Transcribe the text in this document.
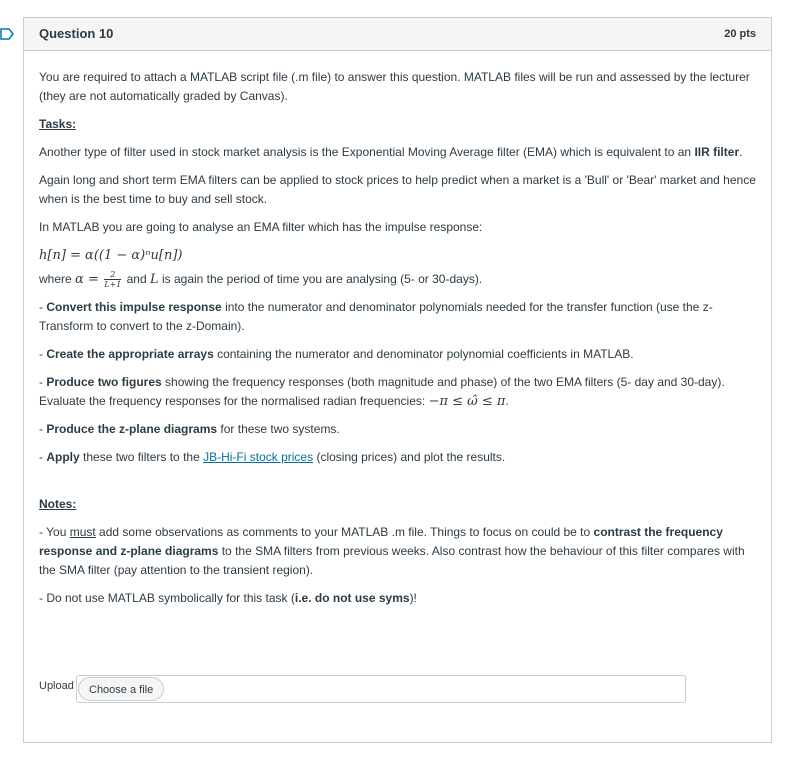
Question 10	20 pts

You are required to attach a MATLAB script file (.m file) to answer this question. MATLAB files will be run and assessed by the lecturer (they are not automatically graded by Canvas).

Tasks:

Another type of filter used in stock market analysis is the Exponential Moving Average filter (EMA) which is equivalent to an IIR filter.

Again long and short term EMA filters can be applied to stock prices to help predict when a market is a 'Bull' or 'Bear' market and hence when is the best time to buy and sell stock.

In MATLAB you are going to analyse an EMA filter which has the impulse response:

h[n] = α((1 − α)ⁿu[n])

where $\alpha = \frac{2}{L+1}$ and L is again the period of time you are analysing (5- or 30-days).

- Convert this impulse response into the numerator and denominator polynomials needed for the transfer function (use the z-Transform to convert to the z-Domain).

- Create the appropriate arrays containing the numerator and denominator polynomial coefficients in MATLAB.

- Produce two figures showing the frequency responses (both magnitude and phase) of the two EMA filters (5- day and 30-day). Evaluate the frequency responses for the normalised radian frequencies: −π ≤ ω̂ ≤ π.

- Produce the z-plane diagrams for these two systems.

- Apply these two filters to the JB-Hi-Fi stock prices (closing prices) and plot the results.

Notes:

- You must add some observations as comments to your MATLAB .m file. Things to focus on could be to contrast the frequency response and z-plane diagrams to the SMA filters from previous weeks. Also contrast how the behaviour of this filter compares with the SMA filter (pay attention to the transient region).

- Do not use MATLAB symbolically for this task (i.e. do not use syms)!

Upload	Choose a file
